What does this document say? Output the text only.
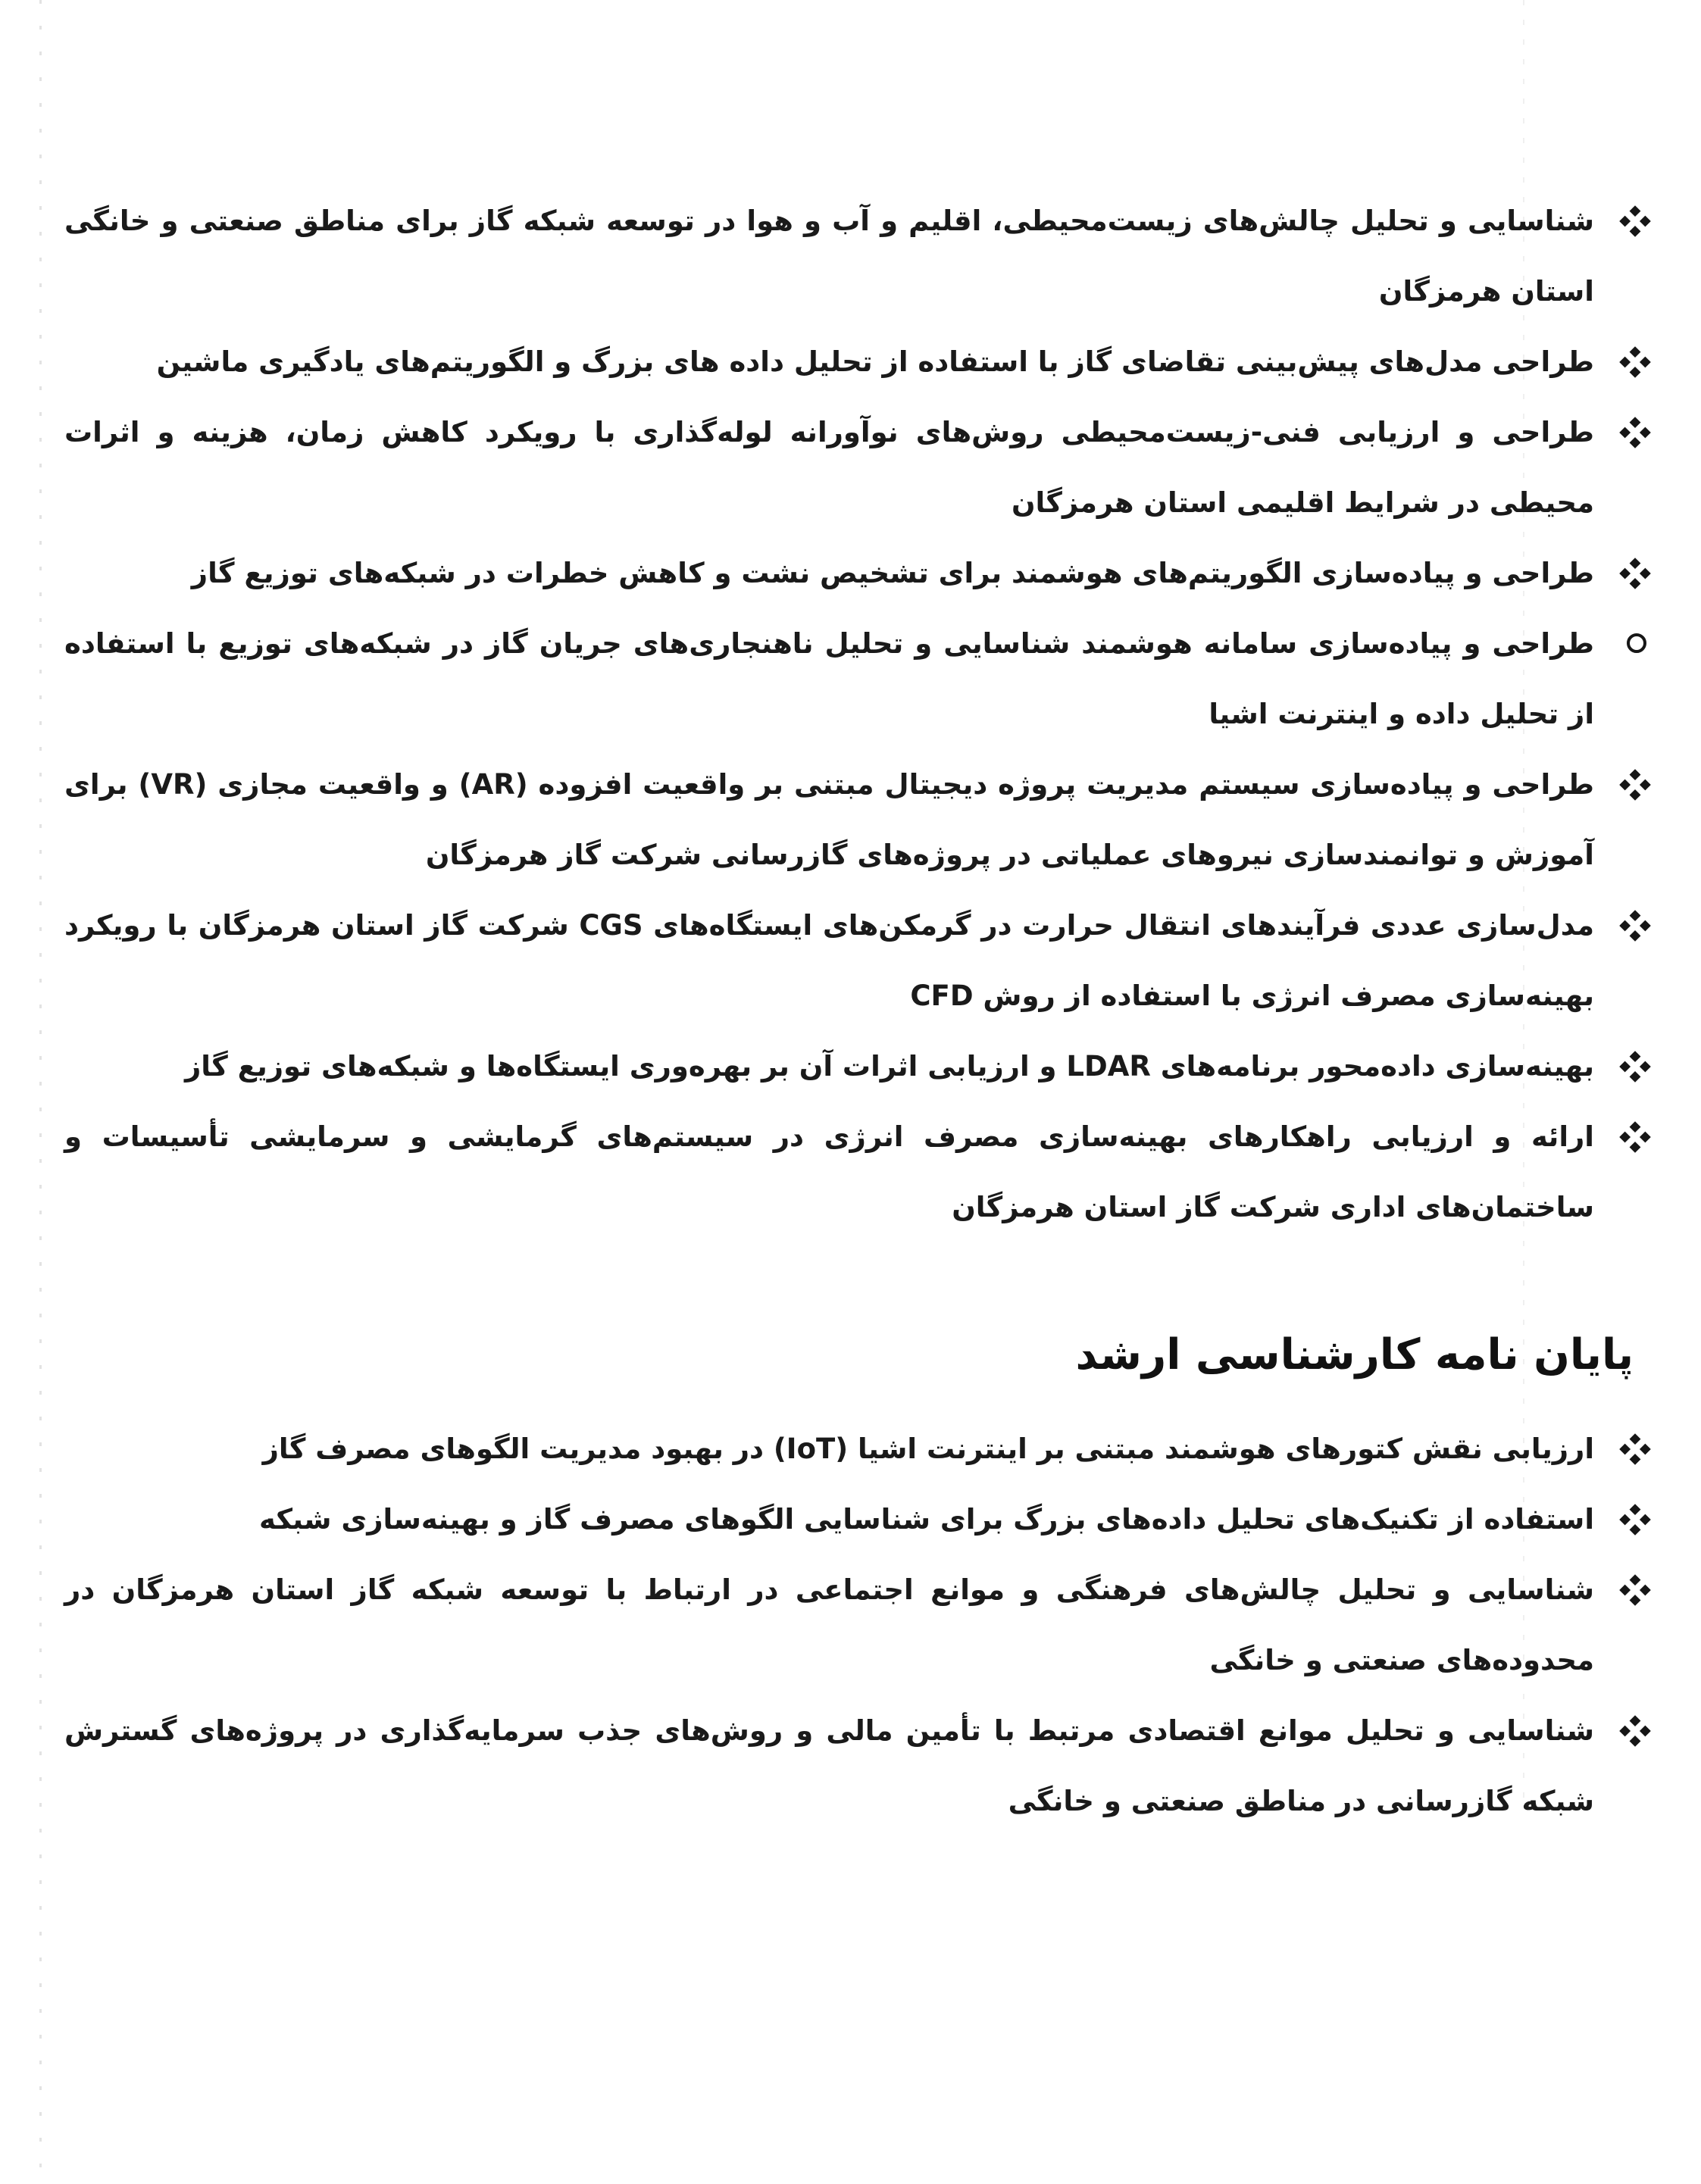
شناسایی و تحلیل چالش‌های زیست‌محیطی، اقلیم و آب و هوا در توسعه شبکه گاز برای مناطق صنعتی و خانگی استان هرمزگان
طراحی مدل‌های پیش‌بینی تقاضای گاز با استفاده از تحلیل داده های بزرگ و الگوریتم‌های یادگیری ماشین
طراحی و ارزیابی فنی-زیست‌محیطی روش‌های نوآورانه لوله‌گذاری با رویکرد کاهش زمان، هزینه و اثرات محیطی در شرایط اقلیمی استان هرمزگان
طراحی و پیاده‌سازی الگوریتم‌های هوشمند برای تشخیص نشت و کاهش خطرات در شبکه‌های توزیع گاز
طراحی و پیاده‌سازی سامانه هوشمند شناسایی و تحلیل ناهنجاری‌های جریان گاز در شبکه‌های توزیع با استفاده از تحلیل داده و اینترنت اشیا
طراحی و پیاده‌سازی سیستم مدیریت پروژه دیجیتال مبتنی بر واقعیت افزوده (AR) و واقعیت مجازی (VR) برای آموزش و توانمندسازی نیروهای عملیاتی در پروژه‌های گازرسانی شرکت گاز هرمزگان
مدل‌سازی عددی فرآیندهای انتقال حرارت در گرمکن‌های ایستگاه‌های CGS شرکت گاز استان هرمزگان با رویکرد بهینه‌سازی مصرف انرژی با استفاده از روش CFD
بهینه‌سازی داده‌محور برنامه‌های LDAR و ارزیابی اثرات آن بر بهره‌وری ایستگاه‌ها و شبکه‌های توزیع گاز
ارائه و ارزیابی راهکارهای بهینه‌سازی مصرف انرژی در سیستم‌های گرمایشی و سرمایشی تأسیسات و ساختمان‌های اداری شرکت گاز استان هرمزگان
پایان نامه کارشناسی ارشد
ارزیابی نقش کتورهای هوشمند مبتنی بر اینترنت اشیا (IoT) در بهبود مدیریت الگوهای مصرف گاز
استفاده از تکنیک‌های تحلیل داده‌های بزرگ برای شناسایی الگوهای مصرف گاز و بهینه‌سازی شبکه
شناسایی و تحلیل چالش‌های فرهنگی و موانع اجتماعی در ارتباط با توسعه شبکه گاز استان هرمزگان در محدوده‌های صنعتی و خانگی
شناسایی و تحلیل موانع اقتصادی مرتبط با تأمین مالی و روش‌های جذب سرمایه‌گذاری در پروژه‌های گسترش شبکه گازرسانی در مناطق صنعتی و خانگی
